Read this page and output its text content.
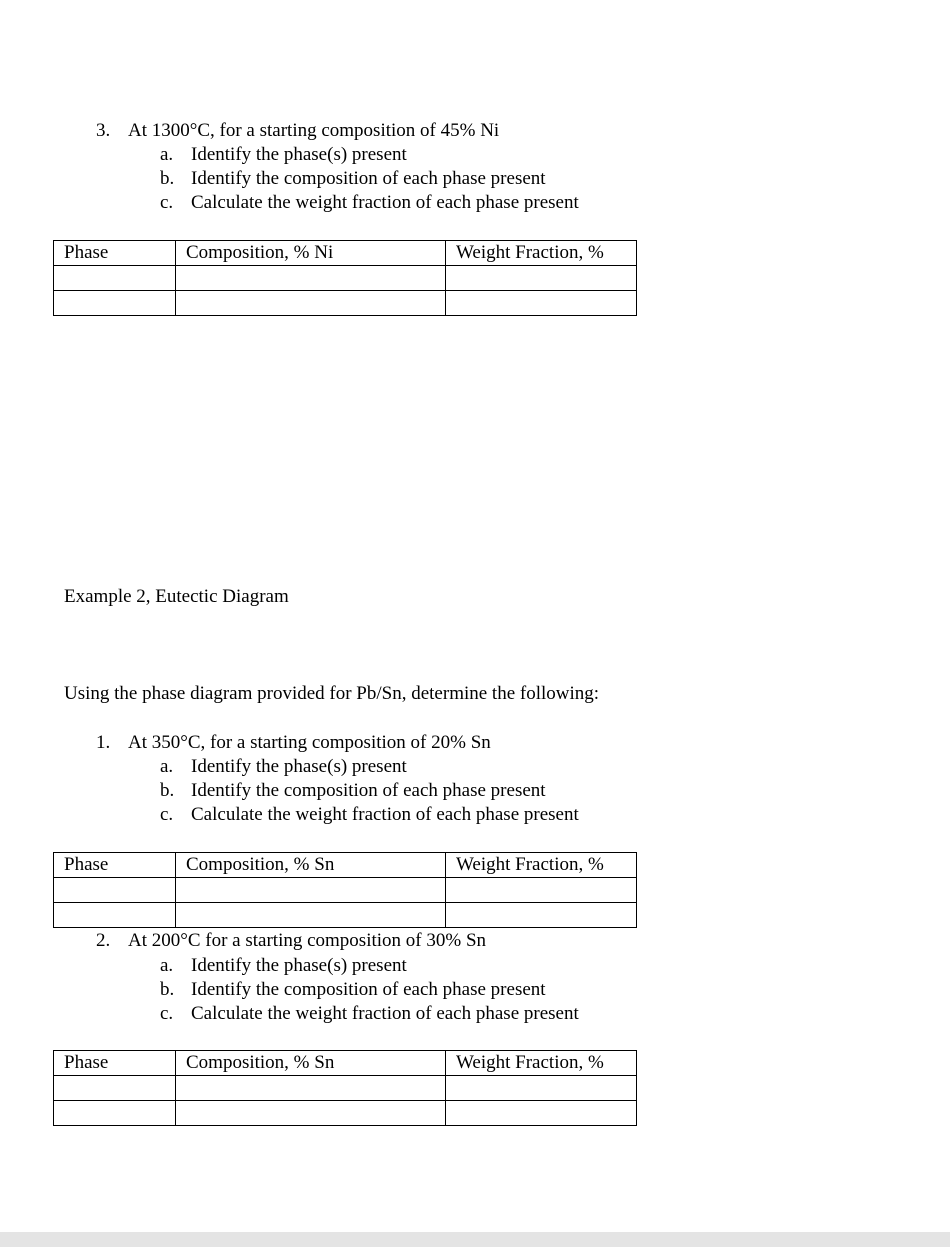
3. At 1300°C, for a starting composition of 45% Ni
a. Identify the phase(s) present
b. Identify the composition of each phase present
c. Calculate the weight fraction of each phase present
Phase	Composition, % Ni	Weight Fraction, %

Example 2, Eutectic Diagram
Using the phase diagram provided for Pb/Sn, determine the following:
1. At 350°C, for a starting composition of 20% Sn
a. Identify the phase(s) present
b. Identify the composition of each phase present
c. Calculate the weight fraction of each phase present
Phase	Composition, % Sn	Weight Fraction, %

2. At 200°C for a starting composition of 30% Sn
a. Identify the phase(s) present
b. Identify the composition of each phase present
c. Calculate the weight fraction of each phase present
Phase	Composition, % Sn	Weight Fraction, %
